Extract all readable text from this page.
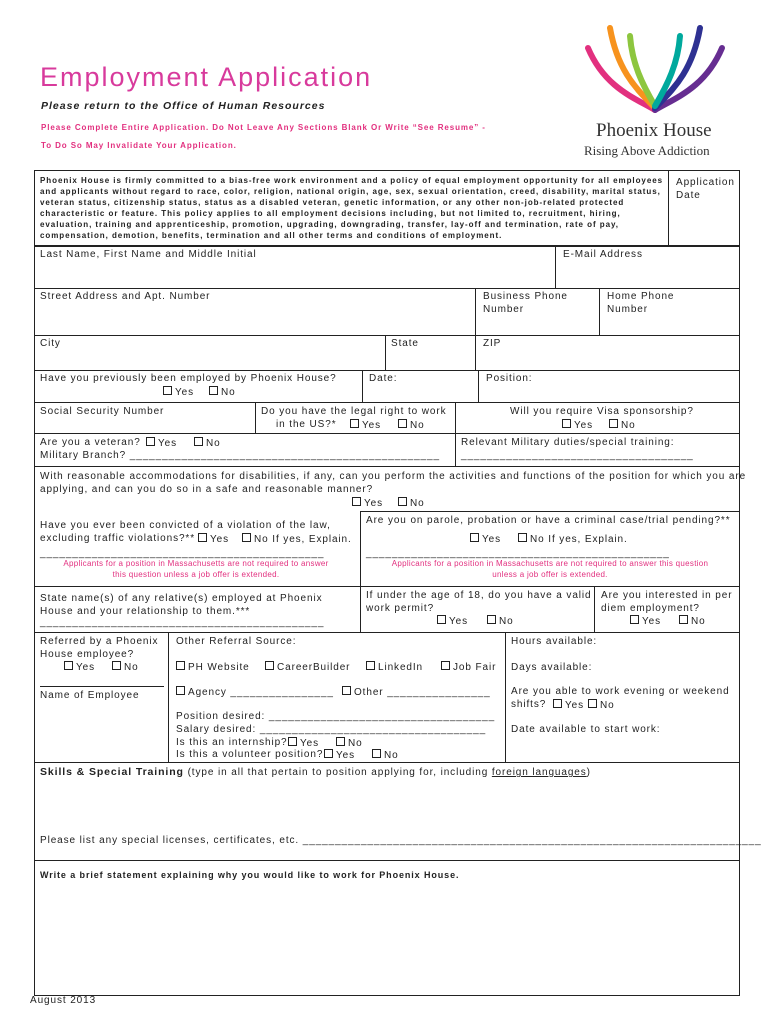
Employment Application
Please return to the Office of Human Resources
Please Complete Entire Application. Do Not Leave Any Sections Blank Or Write “See Resume” -
To Do So May Invalidate Your Application.
Phoenix House
Rising Above Addiction
Phoenix House is firmly committed to a bias-free work environment and a policy of equal employment opportunity for all employees and applicants without regard to race, color, religion, national origin, age, sex, sexual orientation, creed, disability, marital status, veteran status, citizenship status, status as a disabled veteran, genetic information, or any other non-job-related protected characteristic or feature. This policy applies to all employment decisions including, but not limited to, recruitment, hiring, evaluation, training and apprenticeship, promotion, upgrading, downgrading, transfer, lay-off and termination, rate of pay, compensation, demotion, benefits, termination and all other terms and conditions of employment.
Application
Date
Last Name, First Name and Middle Initial	E-Mail Address
Street Address and Apt. Number	Business Phone
Number
Home Phone
Number
City	State	ZIP
Have you previously been employed by Phoenix House?
Yes	No
Date:	Position:
Social Security Number	Do you have the legal right to work
in the US?*	Yes	No
Will you require Visa sponsorship?
Yes	No
Are you a veteran?	Yes	No
Military Branch? ________________________________________________
Relevant Military duties/special training:
____________________________________
With reasonable accommodations for disabilities, if any, can you perform the activities and functions of the position for which you are
applying, and can you do so in a safe and reasonable manner?
Yes	No
Have you ever been convicted of a violation of the law,
excluding traffic violations?**	Yes	No If yes, Explain.
____________________________________________
Applicants for a position in Massachusetts are not required to answer
this question unless a job offer is extended.
Are you on parole, probation or have a criminal case/trial pending?**
Yes	No If yes, Explain.
_______________________________________________
Applicants for a position in Massachusetts are not required to answer this question
unless a job offer is extended.
State name(s) of any relative(s) employed at Phoenix
House and your relationship to them.***
____________________________________________
If under the age of 18, do you have a valid
work permit?
Yes	No
Are you interested in per
diem employment?
Yes	No
Referred by a Phoenix
House employee?
Yes	No
Name of Employee
Other Referral Source:
PH Website	CareerBuilder	LinkedIn	Job Fair
Agency ________________	Other ________________
Position desired: ___________________________________
Salary desired: ___________________________________
Is this an internship?	Yes	No
Is this a volunteer position?	Yes	No
Hours available:
Days available:
Are you able to work evening or weekend
shifts?	Yes	No
Date available to start work:
Skills & Special Training (type in all that pertain to position applying for, including foreign languages)
Please list any special licenses, certificates, etc. _______________________________________________________________________
Write a brief statement explaining why you would like to work for Phoenix House.
August 2013
